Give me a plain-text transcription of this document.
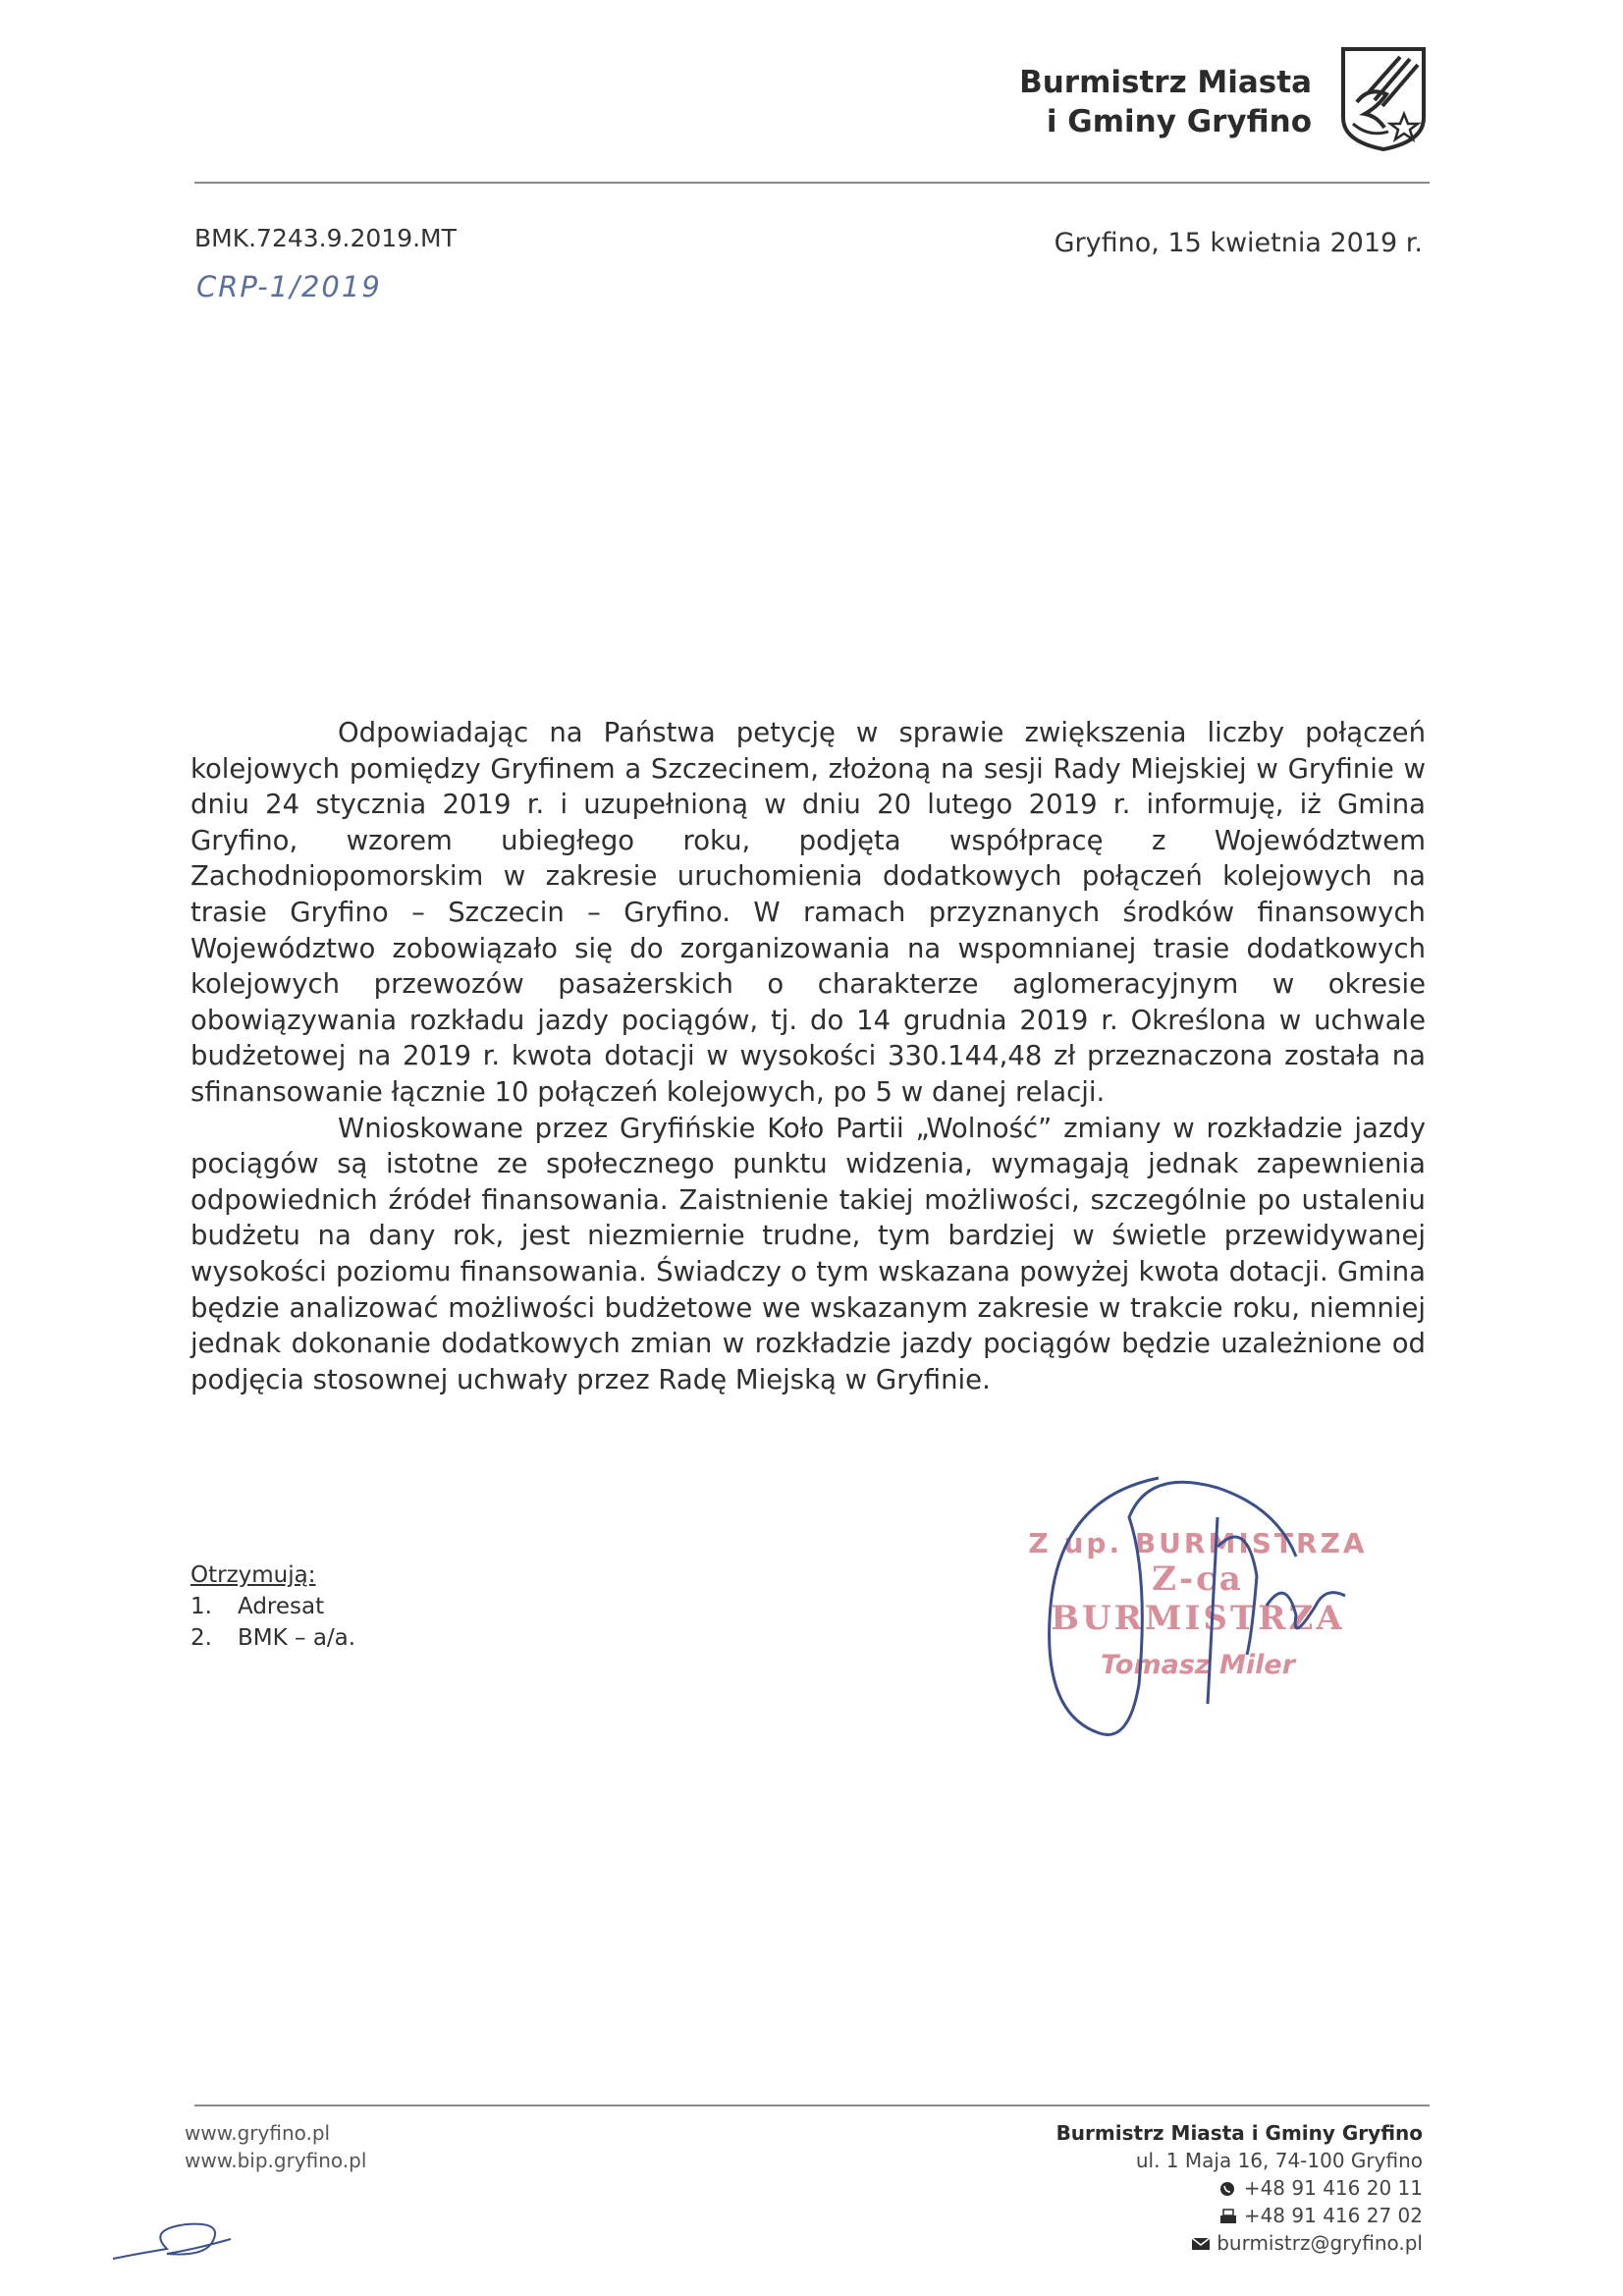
Burmistrz Miasta
i Gminy Gryfino
BMK.7243.9.2019.MT	Gryfino, 15 kwietnia 2019 r.
CRP-1/2019

Odpowiadając na Państwa petycję w sprawie zwiększenia liczby połączeń kolejowych pomiędzy Gryfinem a Szczecinem, złożoną na sesji Rady Miejskiej w Gryfinie w dniu 24 stycznia 2019 r. i uzupełnioną w dniu 20 lutego 2019 r. informuję, iż Gmina Gryfino, wzorem ubiegłego roku, podjęta współpracę z Województwem Zachodniopomorskim w zakresie uruchomienia dodatkowych połączeń kolejowych na trasie Gryfino – Szczecin – Gryfino. W ramach przyznanych środków finansowych Województwo zobowiązało się do zorganizowania na wspomnianej trasie dodatkowych kolejowych przewozów pasażerskich o charakterze aglomeracyjnym w okresie obowiązywania rozkładu jazdy pociągów, tj. do 14 grudnia 2019 r. Określona w uchwale budżetowej na 2019 r. kwota dotacji w wysokości 330.144,48 zł przeznaczona została na sfinansowanie łącznie 10 połączeń kolejowych, po 5 w danej relacji.

Wnioskowane przez Gryfińskie Koło Partii „Wolność” zmiany w rozkładzie jazdy pociągów są istotne ze społecznego punktu widzenia, wymagają jednak zapewnienia odpowiednich źródeł finansowania. Zaistnienie takiej możliwości, szczególnie po ustaleniu budżetu na dany rok, jest niezmiernie trudne, tym bardziej w świetle przewidywanej wysokości poziomu finansowania. Świadczy o tym wskazana powyżej kwota dotacji. Gmina będzie analizować możliwości budżetowe we wskazanym zakresie w trakcie roku, niemniej jednak dokonanie dodatkowych zmian w rozkładzie jazdy pociągów będzie uzależnione od podjęcia stosownej uchwały przez Radę Miejską w Gryfinie.

Otrzymują:
1.	Adresat
2.	BMK – a/a.
Z up. BURMISTRZA
Z-ca BURMISTRZA
Tomasz Miler
www.gryfino.pl
www.bip.gryfino.pl
Burmistrz Miasta i Gminy Gryfino
ul. 1 Maja 16, 74-100 Gryfino
+48 91 416 20 11
+48 91 416 27 02
burmistrz@gryfino.pl
